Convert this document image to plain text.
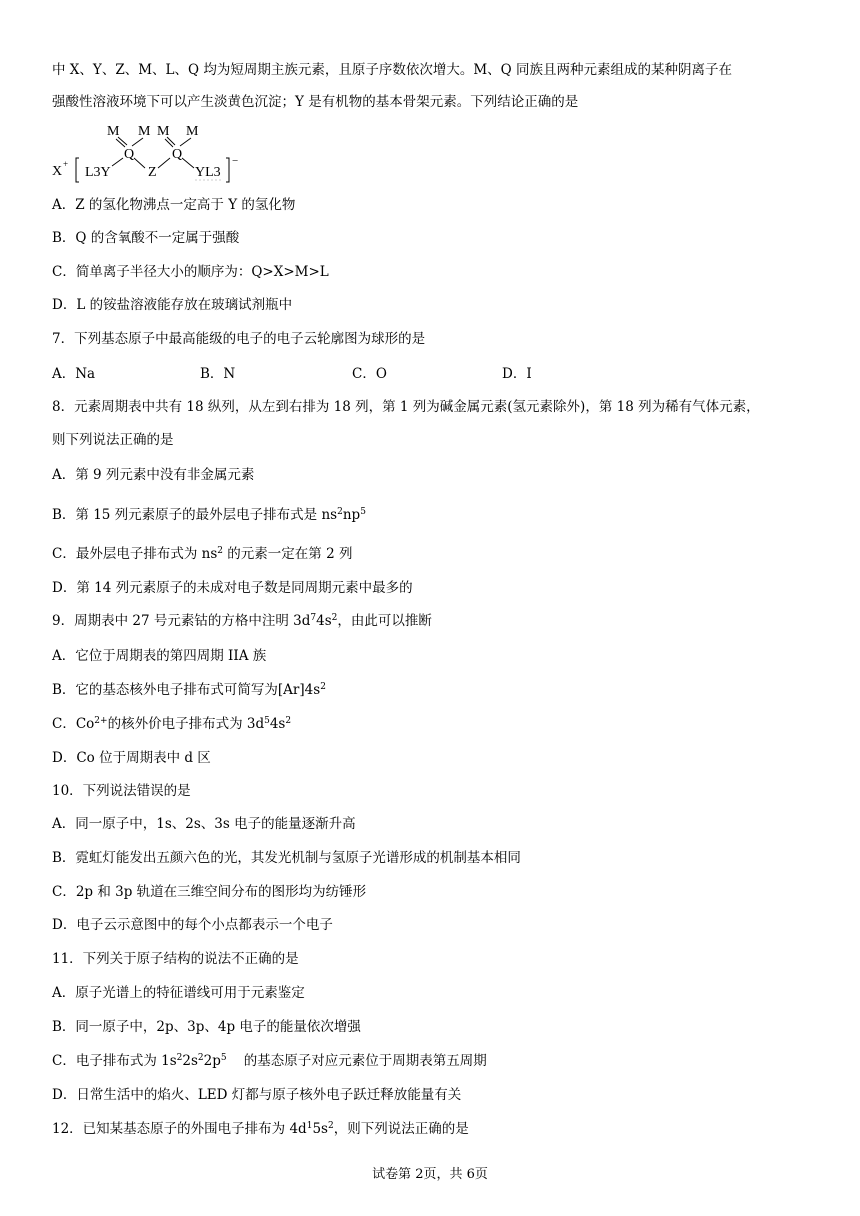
中 X、Y、Z、M、L、Q 均为短周期主族元素，且原子序数依次增大。M、Q 同族且两种元素组成的某种阴离子在
强酸性溶液环境下可以产生淡黄色沉淀；Y 是有机物的基本骨架元素。下列结论正确的是
X +
L3Y
Q
M M
Z
Q
M M
YL3
−
A．Z 的氢化物沸点一定高于 Y 的氢化物
B．Q 的含氧酸不一定属于强酸
C．简单离子半径大小的顺序为：Q>X>M>L
D．L 的铵盐溶液能存放在玻璃试剂瓶中
7．下列基态原子中最高能级的电子的电子云轮廓图为球形的是
A．Na	B．N	C．O	D．I
8．元素周期表中共有 18 纵列，从左到右排为 18 列，第 1 列为碱金属元素(氢元素除外)，第 18 列为稀有气体元素，
则下列说法正确的是
A．第 9 列元素中没有非金属元素
B．第 15 列元素原子的最外层电子排布式是 $ns^2np^5$
C．最外层电子排布式为 $ns^2$ 的元素一定在第 2 列
D．第 14 列元素原子的未成对电子数是同周期元素中最多的
9．周期表中 27 号元素钴的方格中注明 $3d^74s^2$，由此可以推断
A．它位于周期表的第四周期 IIA 族
B．它的基态核外电子排布式可简写为$[Ar]4s^2$
C．$Co^{2+}$的核外价电子排布式为 $3d^54s^2$
D．Co 位于周期表中 d 区
10．下列说法错误的是
A．同一原子中，1s、2s、3s 电子的能量逐渐升高
B．霓虹灯能发出五颜六色的光，其发光机制与氢原子光谱形成的机制基本相同
C．2p 和 3p 轨道在三维空间分布的图形均为纺锤形
D．电子云示意图中的每个小点都表示一个电子
11．下列关于原子结构的说法不正确的是
A．原子光谱上的特征谱线可用于元素鉴定
B．同一原子中，2p、3p、4p 电子的能量依次增强
C．电子排布式为 $1s^22s^22p^5$    的基态原子对应元素位于周期表第五周期
D．日常生活中的焰火、LED 灯都与原子核外电子跃迁释放能量有关
12．已知某基态原子的外围电子排布为 $4d^15s^2$，则下列说法正确的是
试卷第 2页，共 6页
